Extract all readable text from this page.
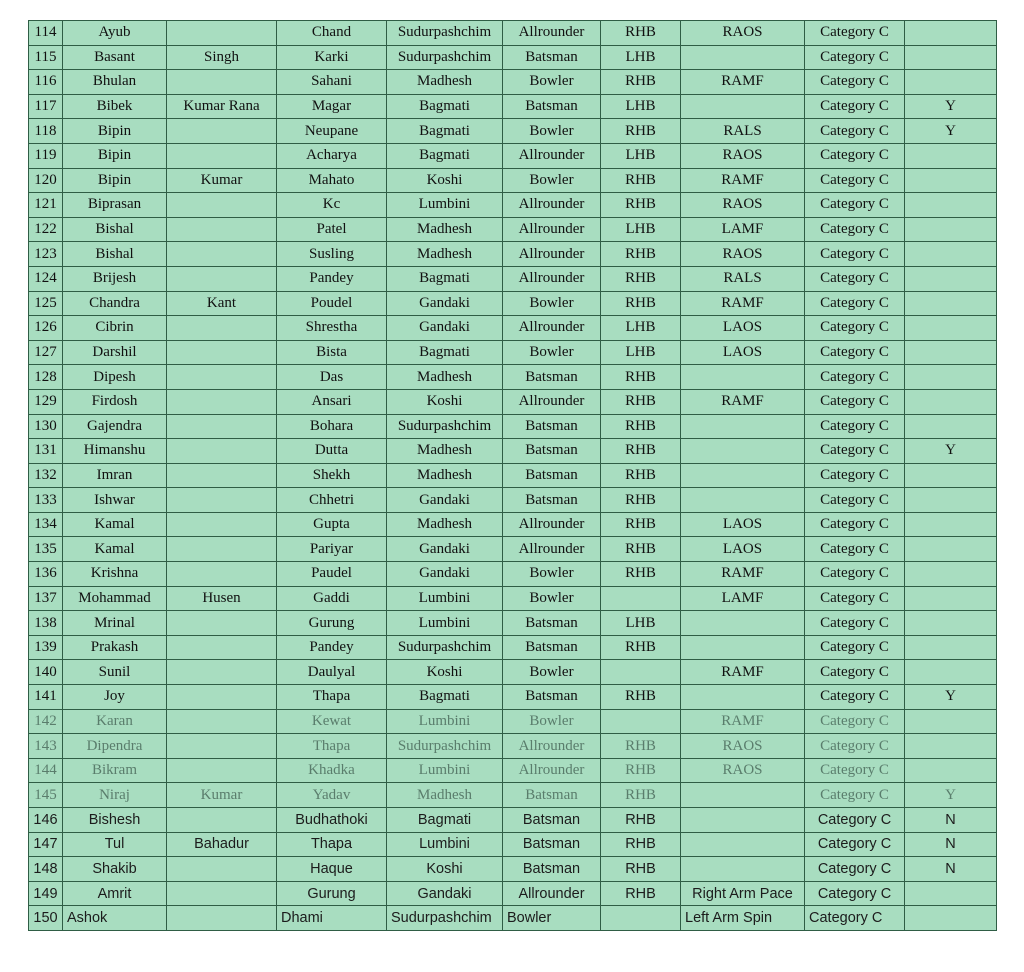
114	Ayub		Chand	Sudurpashchim	Allrounder	RHB	RAOS	Category C	
115	Basant	Singh	Karki	Sudurpashchim	Batsman	LHB		Category C	
116	Bhulan		Sahani	Madhesh	Bowler	RHB	RAMF	Category C	
117	Bibek	Kumar Rana	Magar	Bagmati	Batsman	LHB		Category C	Y
118	Bipin		Neupane	Bagmati	Bowler	RHB	RALS	Category C	Y
119	Bipin		Acharya	Bagmati	Allrounder	LHB	RAOS	Category C	
120	Bipin	Kumar	Mahato	Koshi	Bowler	RHB	RAMF	Category C	
121	Biprasan		Kc	Lumbini	Allrounder	RHB	RAOS	Category C	
122	Bishal		Patel	Madhesh	Allrounder	LHB	LAMF	Category C	
123	Bishal		Susling	Madhesh	Allrounder	RHB	RAOS	Category C	
124	Brijesh		Pandey	Bagmati	Allrounder	RHB	RALS	Category C	
125	Chandra	Kant	Poudel	Gandaki	Bowler	RHB	RAMF	Category C	
126	Cibrin		Shrestha	Gandaki	Allrounder	LHB	LAOS	Category C	
127	Darshil		Bista	Bagmati	Bowler	LHB	LAOS	Category C	
128	Dipesh		Das	Madhesh	Batsman	RHB		Category C	
129	Firdosh		Ansari	Koshi	Allrounder	RHB	RAMF	Category C	
130	Gajendra		Bohara	Sudurpashchim	Batsman	RHB		Category C	
131	Himanshu		Dutta	Madhesh	Batsman	RHB		Category C	Y
132	Imran		Shekh	Madhesh	Batsman	RHB		Category C	
133	Ishwar		Chhetri	Gandaki	Batsman	RHB		Category C	
134	Kamal		Gupta	Madhesh	Allrounder	RHB	LAOS	Category C	
135	Kamal		Pariyar	Gandaki	Allrounder	RHB	LAOS	Category C	
136	Krishna		Paudel	Gandaki	Bowler	RHB	RAMF	Category C	
137	Mohammad	Husen	Gaddi	Lumbini	Bowler		LAMF	Category C	
138	Mrinal		Gurung	Lumbini	Batsman	LHB		Category C	
139	Prakash		Pandey	Sudurpashchim	Batsman	RHB		Category C	
140	Sunil		Daulyal	Koshi	Bowler		RAMF	Category C	
141	Joy		Thapa	Bagmati	Batsman	RHB		Category C	Y
142	Karan		Kewat	Lumbini	Bowler		RAMF	Category C	
143	Dipendra		Thapa	Sudurpashchim	Allrounder	RHB	RAOS	Category C	
144	Bikram		Khadka	Lumbini	Allrounder	RHB	RAOS	Category C	
145	Niraj	Kumar	Yadav	Madhesh	Batsman	RHB		Category C	Y
146	Bishesh		Budhathoki	Bagmati	Batsman	RHB		Category C	N
147	Tul	Bahadur	Thapa	Lumbini	Batsman	RHB		Category C	N
148	Shakib		Haque	Koshi	Batsman	RHB		Category C	N
149	Amrit		Gurung	Gandaki	Allrounder	RHB	Right Arm Pace	Category C	
150	Ashok		Dhami	Sudurpashchim	Bowler		Left Arm Spin	Category C	
